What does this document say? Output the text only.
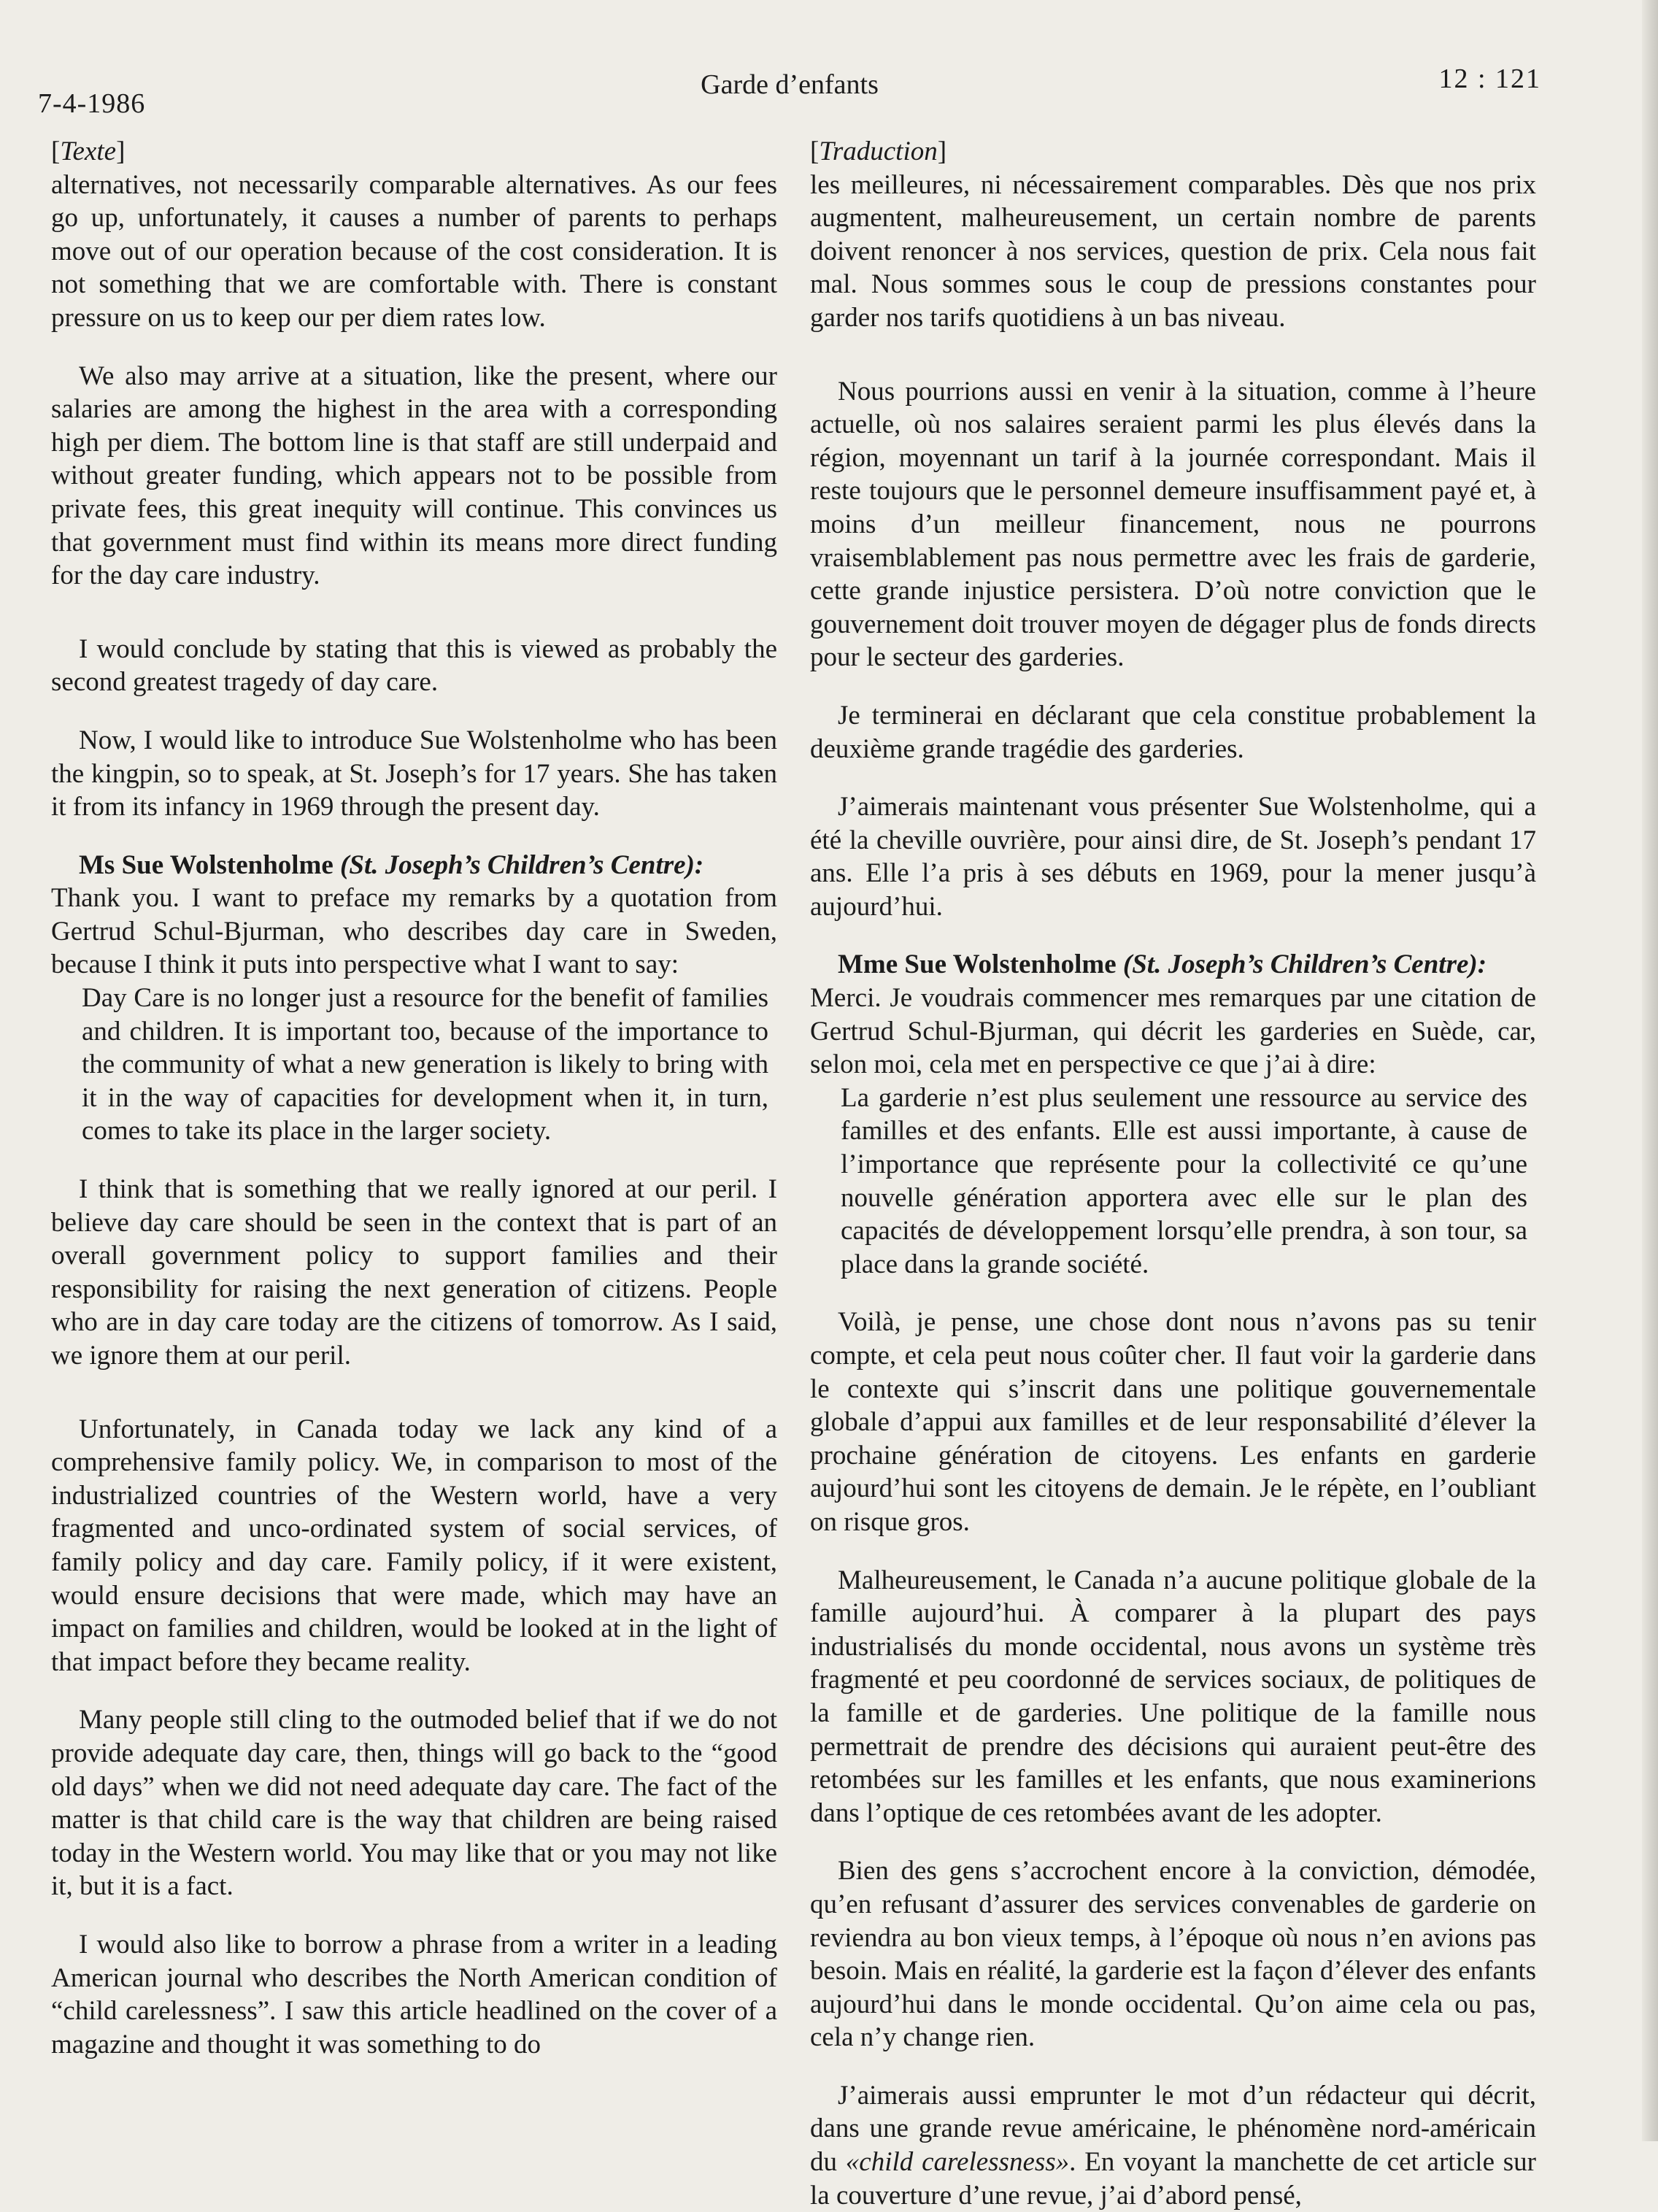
7-4-1986
Garde d’enfants	12 : 121
[Texte]

alternatives, not necessarily comparable alternatives. As our fees go up, unfortunately, it causes a number of parents to perhaps move out of our operation because of the cost consideration. It is not something that we are comfortable with. There is constant pressure on us to keep our per diem rates low.

We also may arrive at a situation, like the present, where our salaries are among the highest in the area with a corresponding high per diem. The bottom line is that staff are still underpaid and without greater funding, which appears not to be possible from private fees, this great inequity will continue. This convinces us that government must find within its means more direct funding for the day care industry.

I would conclude by stating that this is viewed as probably the second greatest tragedy of day care.

Now, I would like to introduce Sue Wolstenholme who has been the kingpin, so to speak, at St. Joseph’s for 17 years. She has taken it from its infancy in 1969 through the present day.

Ms Sue Wolstenholme (St. Joseph’s Children’s Centre):

Thank you. I want to preface my remarks by a quotation from Gertrud Schul-Bjurman, who describes day care in Sweden, because I think it puts into perspective what I want to say:

Day Care is no longer just a resource for the benefit of families and children. It is important too, because of the importance to the community of what a new generation is likely to bring with it in the way of capacities for development when it, in turn, comes to take its place in the larger society.

I think that is something that we really ignored at our peril. I believe day care should be seen in the context that is part of an overall government policy to support families and their responsibility for raising the next generation of citizens. People who are in day care today are the citizens of tomorrow. As I said, we ignore them at our peril.

Unfortunately, in Canada today we lack any kind of a comprehensive family policy. We, in comparison to most of the industrialized countries of the Western world, have a very fragmented and unco-ordinated system of social services, of family policy and day care. Family policy, if it were existent, would ensure decisions that were made, which may have an impact on families and children, would be looked at in the light of that impact before they became reality.

Many people still cling to the outmoded belief that if we do not provide adequate day care, then, things will go back to the “good old days” when we did not need adequate day care. The fact of the matter is that child care is the way that children are being raised today in the Western world. You may like that or you may not like it, but it is a fact.

I would also like to borrow a phrase from a writer in a leading American journal who describes the North American condition of “child carelessness”. I saw this article headlined on the cover of a magazine and thought it was something to do

[Traduction]

les meilleures, ni nécessairement comparables. Dès que nos prix augmentent, malheureusement, un certain nombre de parents doivent renoncer à nos services, question de prix. Cela nous fait mal. Nous sommes sous le coup de pressions constantes pour garder nos tarifs quotidiens à un bas niveau.

Nous pourrions aussi en venir à la situation, comme à l’heure actuelle, où nos salaires seraient parmi les plus élevés dans la région, moyennant un tarif à la journée correspondant. Mais il reste toujours que le personnel demeure insuffisamment payé et, à moins d’un meilleur financement, nous ne pourrons vraisemblablement pas nous permettre avec les frais de garderie, cette grande injustice persistera. D’où notre conviction que le gouvernement doit trouver moyen de dégager plus de fonds directs pour le secteur des garderies.

Je terminerai en déclarant que cela constitue probablement la deuxième grande tragédie des garderies.

J’aimerais maintenant vous présenter Sue Wolstenholme, qui a été la cheville ouvrière, pour ainsi dire, de St. Joseph’s pendant 17 ans. Elle l’a pris à ses débuts en 1969, pour la mener jusqu’à aujourd’hui.

Mme Sue Wolstenholme (St. Joseph’s Children’s Centre):

Merci. Je voudrais commencer mes remarques par une citation de Gertrud Schul-Bjurman, qui décrit les garderies en Suède, car, selon moi, cela met en perspective ce que j’ai à dire:

La garderie n’est plus seulement une ressource au service des familles et des enfants. Elle est aussi importante, à cause de l’importance que représente pour la collectivité ce qu’une nouvelle génération apportera avec elle sur le plan des capacités de développement lorsqu’elle prendra, à son tour, sa place dans la grande société.

Voilà, je pense, une chose dont nous n’avons pas su tenir compte, et cela peut nous coûter cher. Il faut voir la garderie dans le contexte qui s’inscrit dans une politique gouvernementale globale d’appui aux familles et de leur responsabilité d’élever la prochaine génération de citoyens. Les enfants en garderie aujourd’hui sont les citoyens de demain. Je le répète, en l’oubliant on risque gros.

Malheureusement, le Canada n’a aucune politique globale de la famille aujourd’hui. À comparer à la plupart des pays industrialisés du monde occidental, nous avons un système très fragmenté et peu coordonné de services sociaux, de politiques de la famille et de garderies. Une politique de la famille nous permettrait de prendre des décisions qui auraient peut-être des retombées sur les familles et les enfants, que nous examinerions dans l’optique de ces retombées avant de les adopter.

Bien des gens s’accrochent encore à la conviction, démodée, qu’en refusant d’assurer des services convenables de garderie on reviendra au bon vieux temps, à l’époque où nous n’en avions pas besoin. Mais en réalité, la garderie est la façon d’élever des enfants aujourd’hui dans le monde occidental. Qu’on aime cela ou pas, cela n’y change rien.

J’aimerais aussi emprunter le mot d’un rédacteur qui décrit, dans une grande revue américaine, le phénomène nord-américain du «child carelessness». En voyant la manchette de cet article sur la couverture d’une revue, j’ai d’abord pensé,
